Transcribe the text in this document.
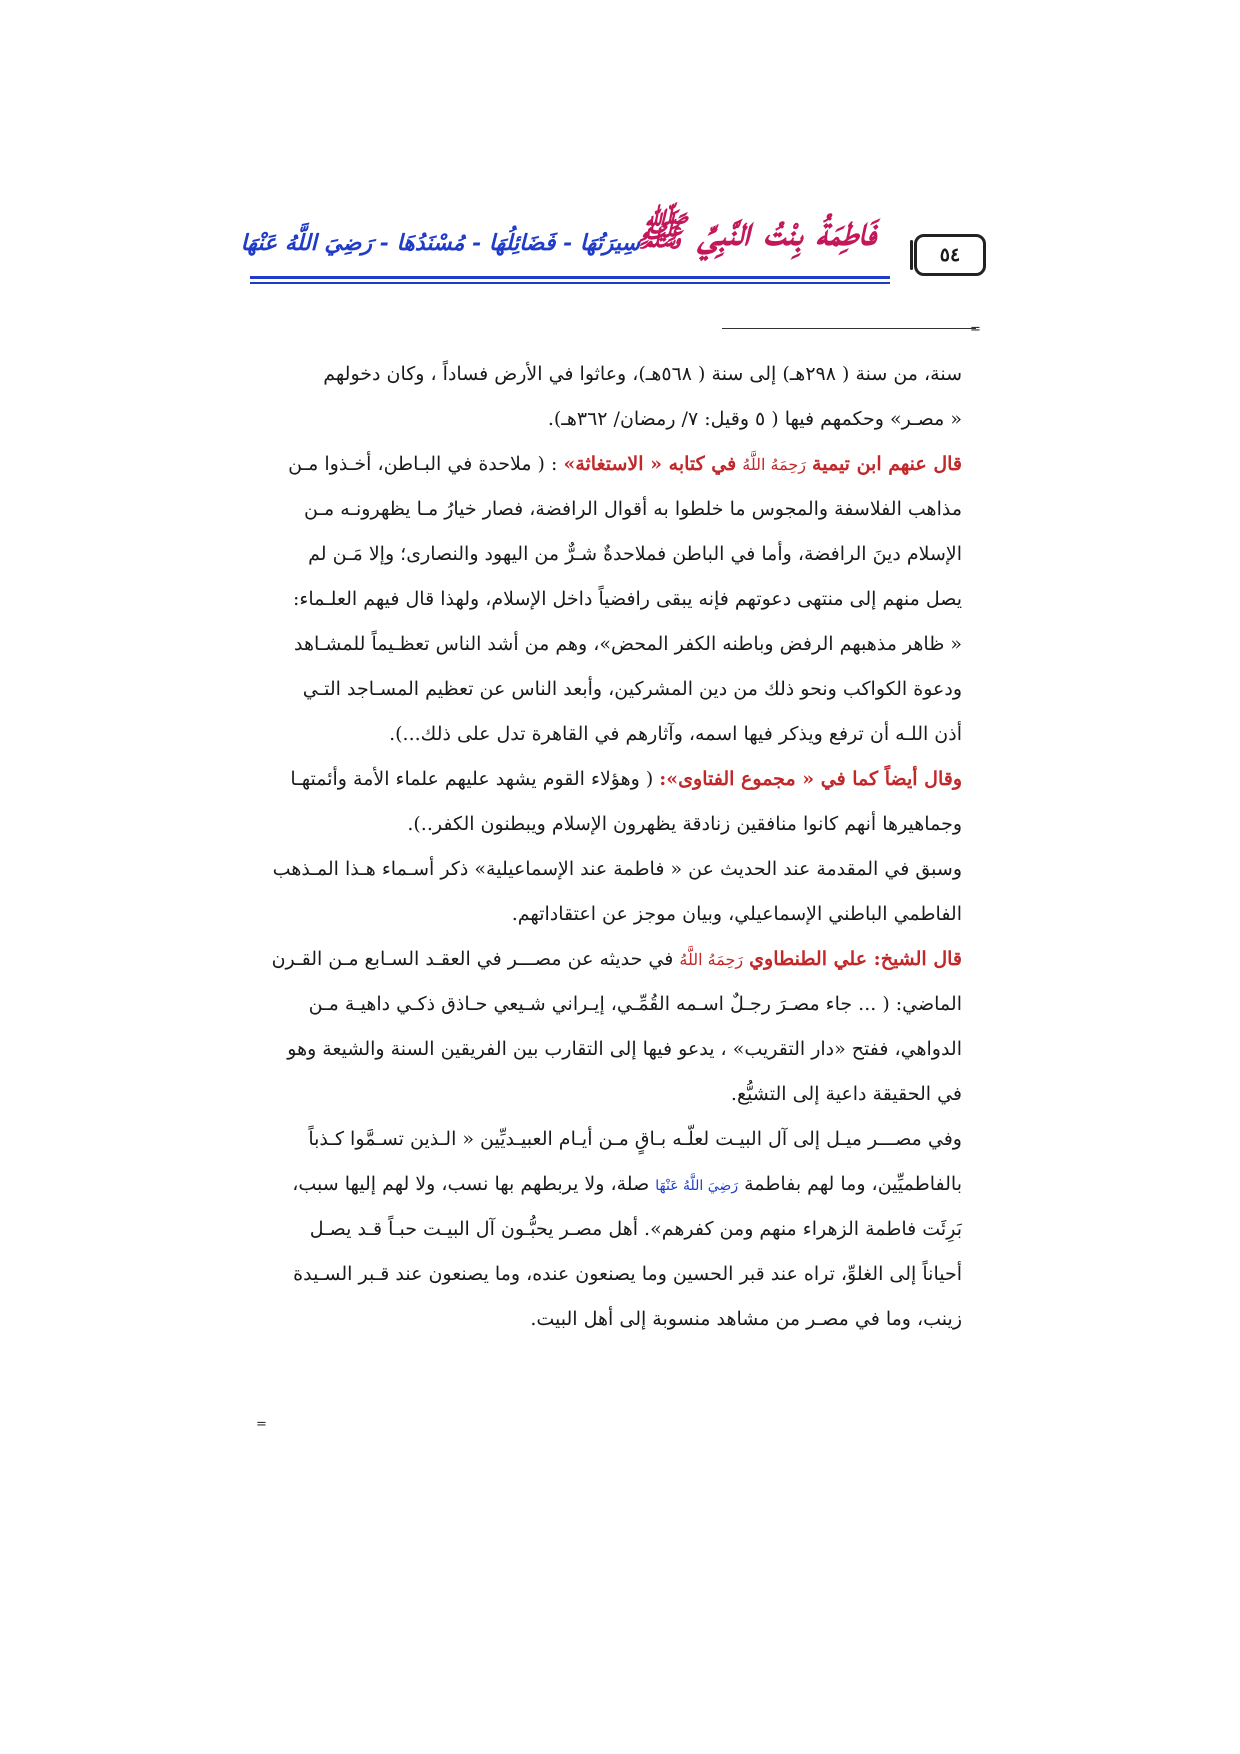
فَاطِمَةُ بِنْتُ النَّبِيِّ ﷺ
سِيرَتُهَا - فَضَائِلُهَا - مُسْنَدُهَا - رَضِيَ اللَّهُ عَنْهَا	٥٤
=
سنة، من سنة ( ٢٩٨هـ) إلى سنة ( ٥٦٨هـ)، وعاثوا في الأرض فساداً ، وكان دخولهم
« مصـر» وحكمهم فيها ( ٥ وقيل: ٧/ رمضان/ ٣٦٢هـ).
قال عنهم ابن تيمية رَحِمَهُ اللَّهُ في كتابه « الاستغاثة» : ( ملاحدة في البـاطن، أخـذوا مـن
مذاهب الفلاسفة والمجوس ما خلطوا به أقوال الرافضة، فصار خيارُ مـا يظهرونـه مـن
الإسلام دينَ الرافضة، وأما في الباطن فملاحدةٌ شـرٌّ من اليهود والنصارى؛ وإلا مَـن لم
يصل منهم إلى منتهى دعوتهم فإنه يبقى رافضياً داخل الإسلام، ولهذا قال فيهم العلـماء:
« ظاهر مذهبهم الرفض وباطنه الكفر المحض»، وهم من أشد الناس تعظـيماً للمشـاهد
ودعوة الكواكب ونحو ذلك من دين المشركين، وأبعد الناس عن تعظيم المسـاجد التـي
أذن اللـه أن ترفع ويذكر فيها اسمه، وآثارهم في القاهرة تدل على ذلك...).
وقال أيضاً كما في « مجموع الفتاوى»: ( وهؤلاء القوم يشهد عليهم علماء الأمة وأئمتهـا
وجماهيرها أنهم كانوا منافقين زنادقة يظهرون الإسلام ويبطنون الكفر..).
وسبق في المقدمة عند الحديث عن « فاطمة عند الإسماعيلية» ذكر أسـماء هـذا المـذهب
الفاطمي الباطني الإسماعيلي، وبيان موجز عن اعتقاداتهم.
قال الشيخ: علي الطنطاوي رَحِمَهُ اللَّهُ في حديثه عن مصـــر في العقـد السـابع مـن القـرن
الماضي: ( ... جاء مصـرَ رجـلٌ اسـمه القُمِّـي، إيـراني شـيعي حـاذق ذكـي داهيـة مـن
الدواهي، ففتح «دار التقريب» ، يدعو فيها إلى التقارب بين الفريقين السنة والشيعة وهو
في الحقيقة داعية إلى التشيُّع.
وفي مصـــر ميـل إلى آل البيـت لعلّـه بـاقٍ مـن أيـام العبيـديِّين « الـذين تسـمَّوا كـذباً
بالفاطميِّين، وما لهم بفاطمة رَضِيَ اللَّهُ عَنْهَا صلة، ولا يربطهم بها نسب، ولا لهم إليها سبب،
بَرِئَت فاطمة الزهراء منهم ومن كفرهم». أهل مصـر يحبُّـون آل البيـت حبـاً قـد يصـل
أحياناً إلى الغلوِّ، تراه عند قبر الحسين وما يصنعون عنده، وما يصنعون عند قـبر السـيدة
زينب، وما في مصـر من مشاهد منسوبة إلى أهل البيت.
=
